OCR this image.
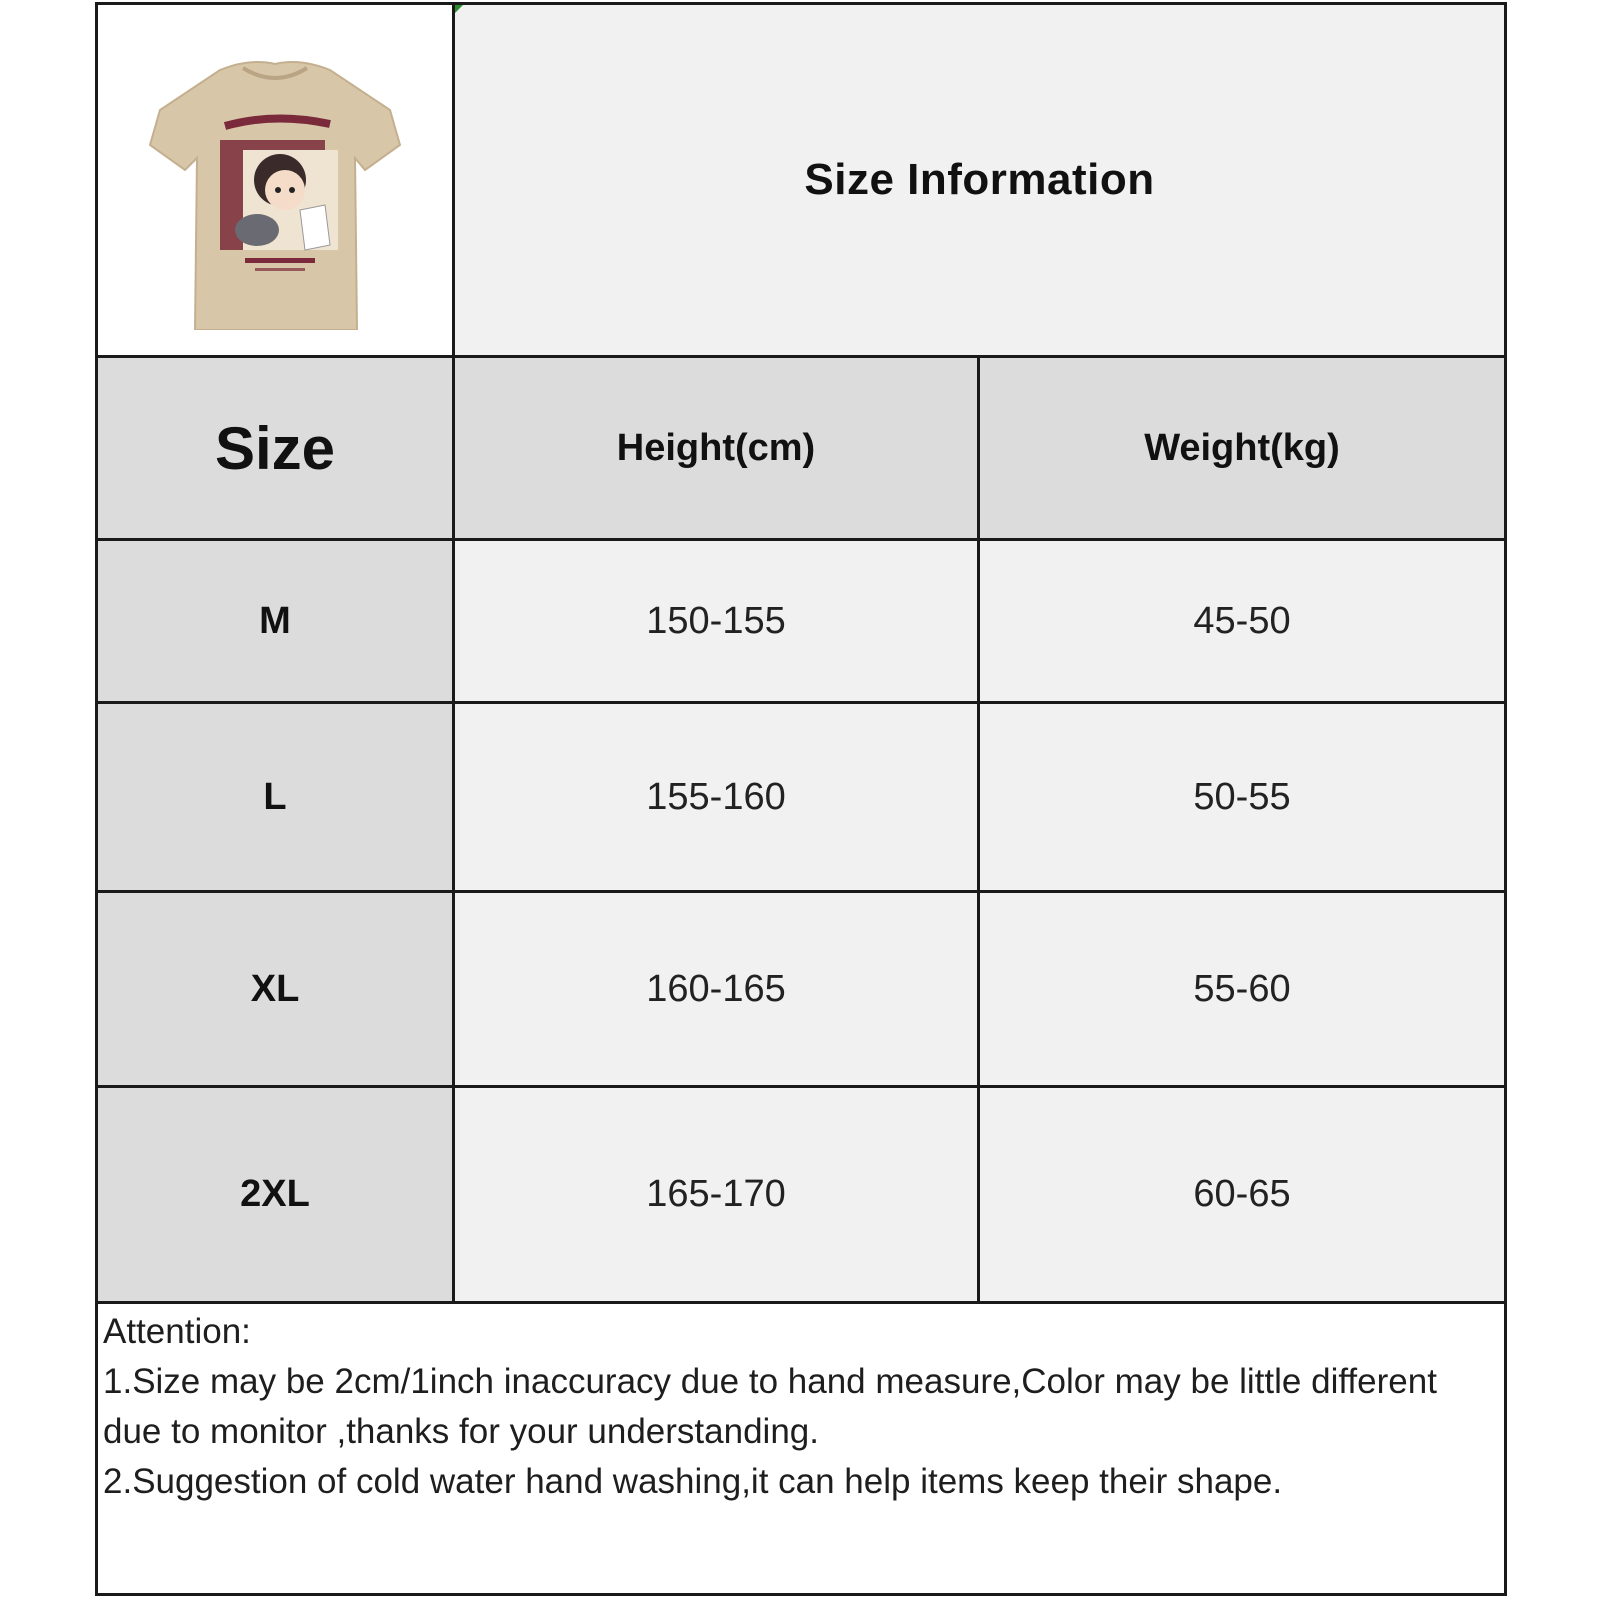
Size Information
Size	Height(cm)	Weight(kg)
M	150-155	45-50
L	155-160	50-55
XL	160-165	55-60
2XL	165-170	60-65

Attention:

1.Size may be 2cm/1inch inaccuracy due to hand measure,Color may be little different due to monitor ,thanks for your understanding.

2.Suggestion of cold water hand washing,it can help items keep their shape.
